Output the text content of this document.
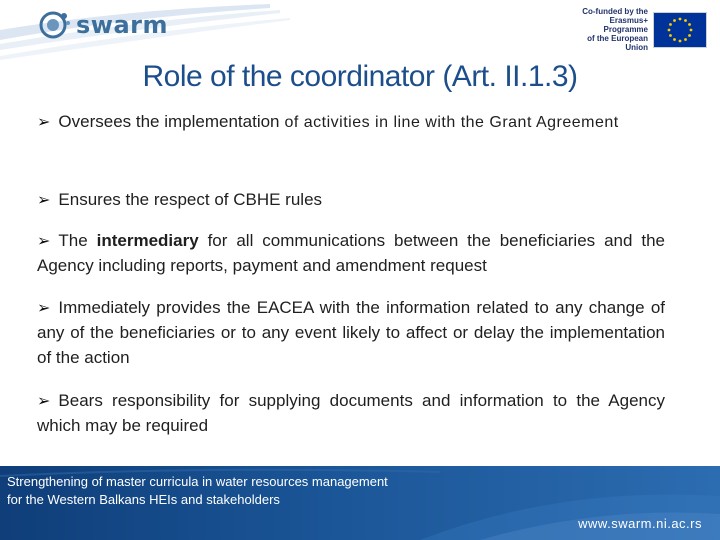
swarm	Co-funded by the
Erasmus+ Programme
of the European Union
Role of the coordinator (Art. II.1.3)

➢ Oversees the implementation of activities in line with the Grant Agreement

➢ Ensures the respect of CBHE rules

➢ The intermediary for all communications between the beneficiaries and the Agency including reports, payment and amendment request

➢ Immediately provides the EACEA with the information related to any change of any of the beneficiaries or to any event likely to affect or delay the implementation of the action

➢ Bears responsibility for supplying documents and information to the Agency which may be required

Strengthening of master curricula in water resources management
for the Western Balkans HEIs and stakeholders
www.swarm.ni.ac.rs
